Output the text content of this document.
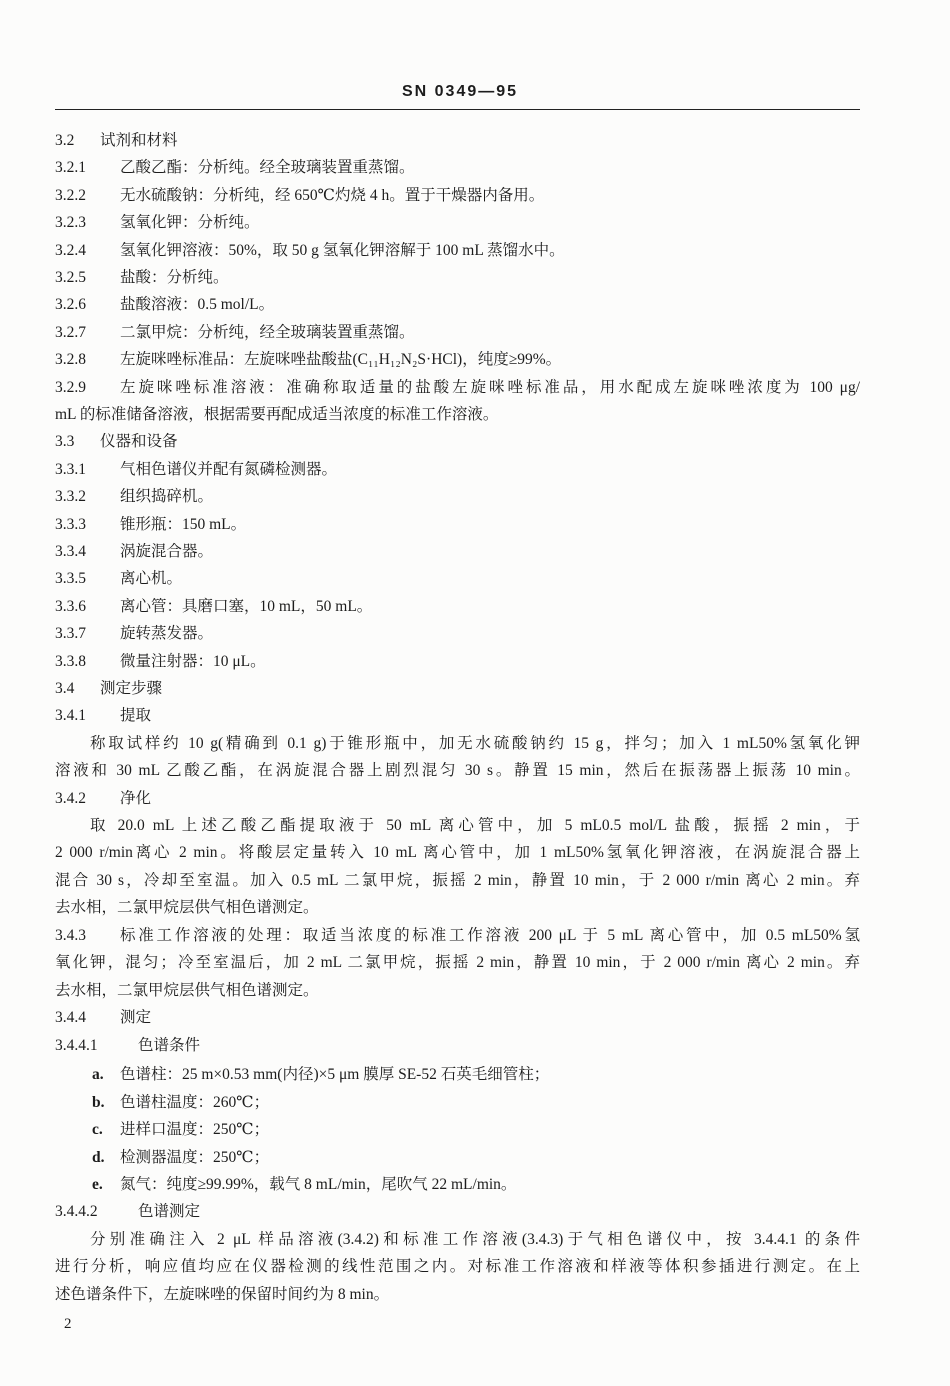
SN 0349—95
3.2	试剂和材料
3.2.1	乙酸乙酯：分析纯。经全玻璃装置重蒸馏。
3.2.2	无水硫酸钠：分析纯，经 650℃灼烧 4 h。置于干燥器内备用。
3.2.3	氢氧化钾：分析纯。
3.2.4	氢氧化钾溶液：50%，取 50 g 氢氧化钾溶解于 100 mL 蒸馏水中。
3.2.5	盐酸：分析纯。
3.2.6	盐酸溶液：0.5 mol/L。
3.2.7	二氯甲烷：分析纯，经全玻璃装置重蒸馏。
3.2.8	左旋咪唑标准品：左旋咪唑盐酸盐(C₁₁H₁₂N₂S·HCl)，纯度≥99%。
3.2.9	左旋咪唑标准溶液：准确称取适量的盐酸左旋咪唑标准品，用水配成左旋咪唑浓度为 100 μg/
mL 的标准储备溶液，根据需要再配成适当浓度的标准工作溶液。
3.3	仪器和设备
3.3.1	气相色谱仪并配有氮磷检测器。
3.3.2	组织捣碎机。
3.3.3	锥形瓶：150 mL。
3.3.4	涡旋混合器。
3.3.5	离心机。
3.3.6	离心管：具磨口塞，10 mL，50 mL。
3.3.7	旋转蒸发器。
3.3.8	微量注射器：10 μL。
3.4	测定步骤
3.4.1	提取
称取试样约 10 g(精确到 0.1 g)于锥形瓶中，加无水硫酸钠约 15 g，拌匀；加入 1 mL50%氢氧化钾
溶液和 30 mL 乙酸乙酯，在涡旋混合器上剧烈混匀 30 s。静置 15 min，然后在振荡器上振荡 10 min。
3.4.2	净化
取 20.0 mL 上述乙酸乙酯提取液于 50 mL 离心管中，加 5 mL0.5 mol/L 盐酸，振摇 2 min，于
2 000 r/min离心 2 min。将酸层定量转入 10 mL 离心管中，加 1 mL50%氢氧化钾溶液，在涡旋混合器上
混合 30 s，冷却至室温。加入 0.5 mL 二氯甲烷，振摇 2 min，静置 10 min，于 2 000 r/min 离心 2 min。弃
去水相，二氯甲烷层供气相色谱测定。
3.4.3	标准工作溶液的处理：取适当浓度的标准工作溶液 200 μL 于 5 mL 离心管中，加 0.5 mL50%氢
氧化钾，混匀；冷至室温后，加 2 mL 二氯甲烷，振摇 2 min，静置 10 min，于 2 000 r/min 离心 2 min。弃
去水相，二氯甲烷层供气相色谱测定。
3.4.4	测定
3.4.4.1	色谱条件
a.	色谱柱：25 m×0.53 mm(内径)×5 μm 膜厚 SE-52 石英毛细管柱；
b.	色谱柱温度：260℃；
c.	进样口温度：250℃；
d.	检测器温度：250℃；
e.	氮气：纯度≥99.99%，载气 8 mL/min，尾吹气 22 mL/min。
3.4.4.2	色谱测定
分别准确注入 2 μL 样品溶液(3.4.2)和标准工作溶液(3.4.3)于气相色谱仪中，按 3.4.4.1 的条件
进行分析，响应值均应在仪器检测的线性范围之内。对标准工作溶液和样液等体积参插进行测定。在上
述色谱条件下，左旋咪唑的保留时间约为 8 min。
2
